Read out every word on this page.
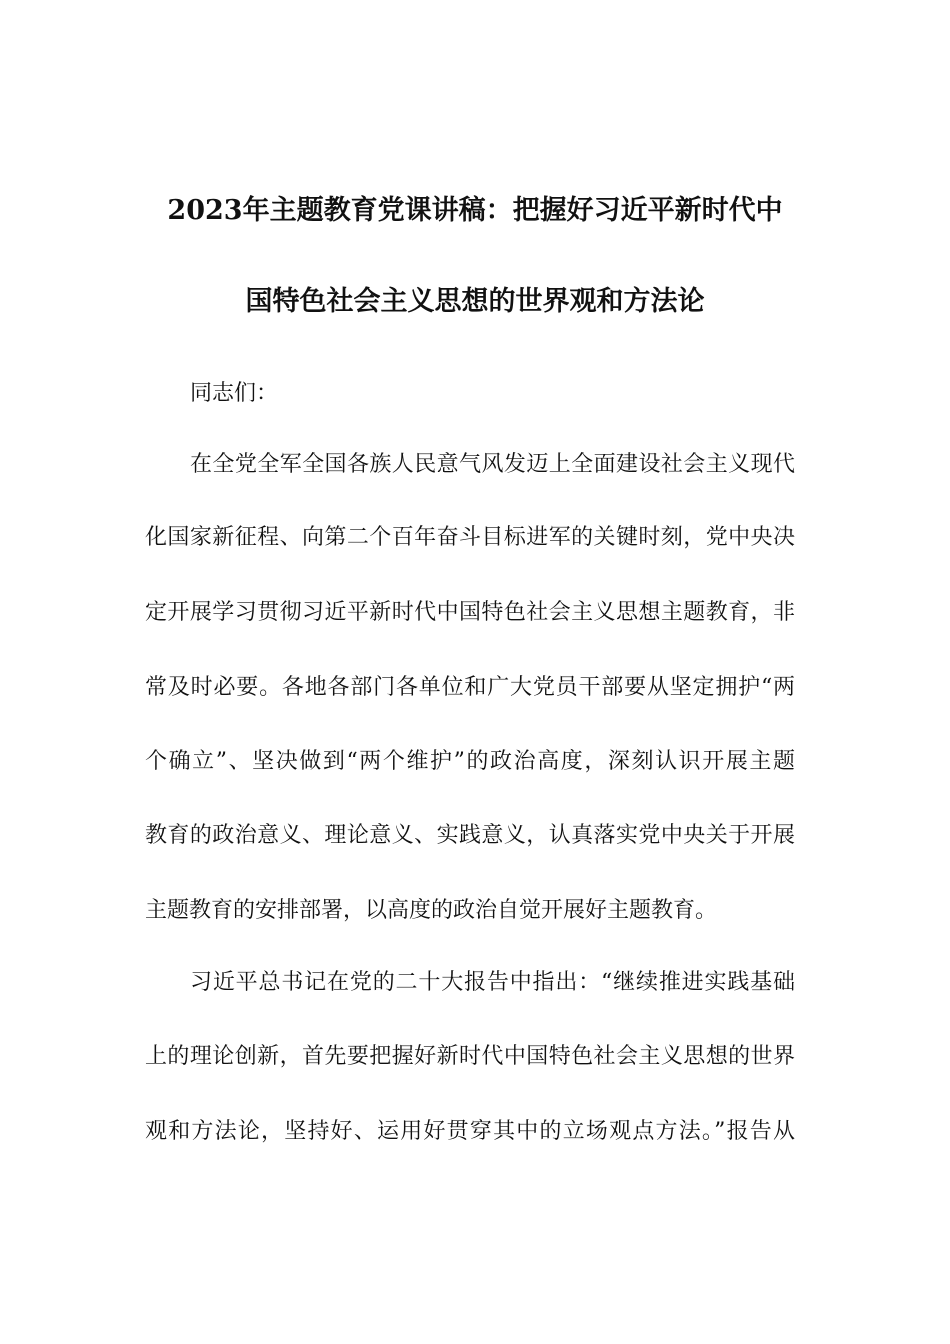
2023年主题教育党课讲稿：把握好习近平新时代中
国特色社会主义思想的世界观和方法论
同志们：
在全党全军全国各族人民意气风发迈上全面建设社会主义现代
化国家新征程、向第二个百年奋斗目标进军的关键时刻，党中央决
定开展学习贯彻习近平新时代中国特色社会主义思想主题教育，非
常及时必要。各地各部门各单位和广大党员干部要从坚定拥护“两
个确立”、坚决做到“两个维护”的政治高度，深刻认识开展主题
教育的政治意义、理论意义、实践意义，认真落实党中央关于开展
主题教育的安排部署，以高度的政治自觉开展好主题教育。
习近平总书记在党的二十大报告中指出：“继续推进实践基础
上的理论创新，首先要把握好新时代中国特色社会主义思想的世界
观和方法论，坚持好、运用好贯穿其中的立场观点方法。”报告从
